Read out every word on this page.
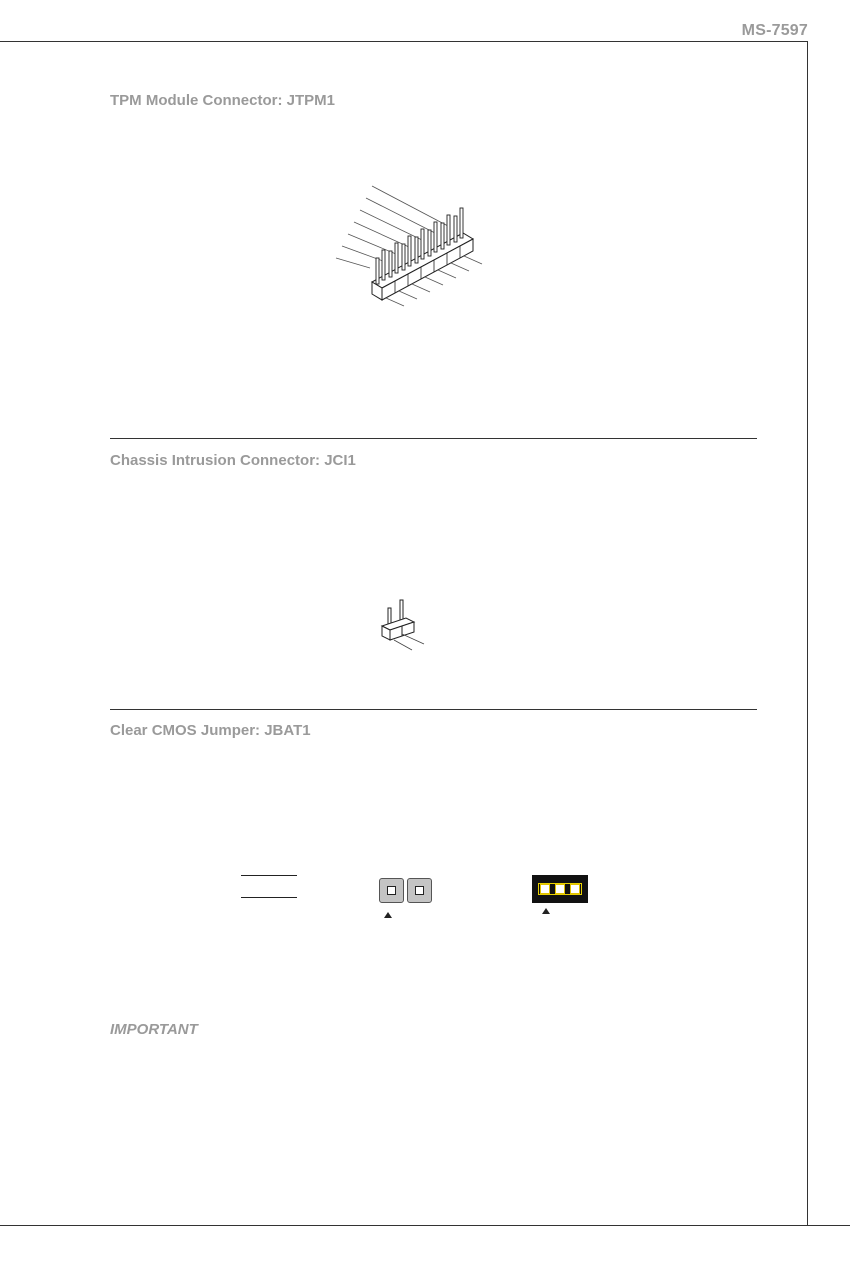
MS-7597
TPM Module Connector: JTPM1
Chassis Intrusion Connector: JCI1
Clear CMOS Jumper: JBAT1
IMPORTANT
